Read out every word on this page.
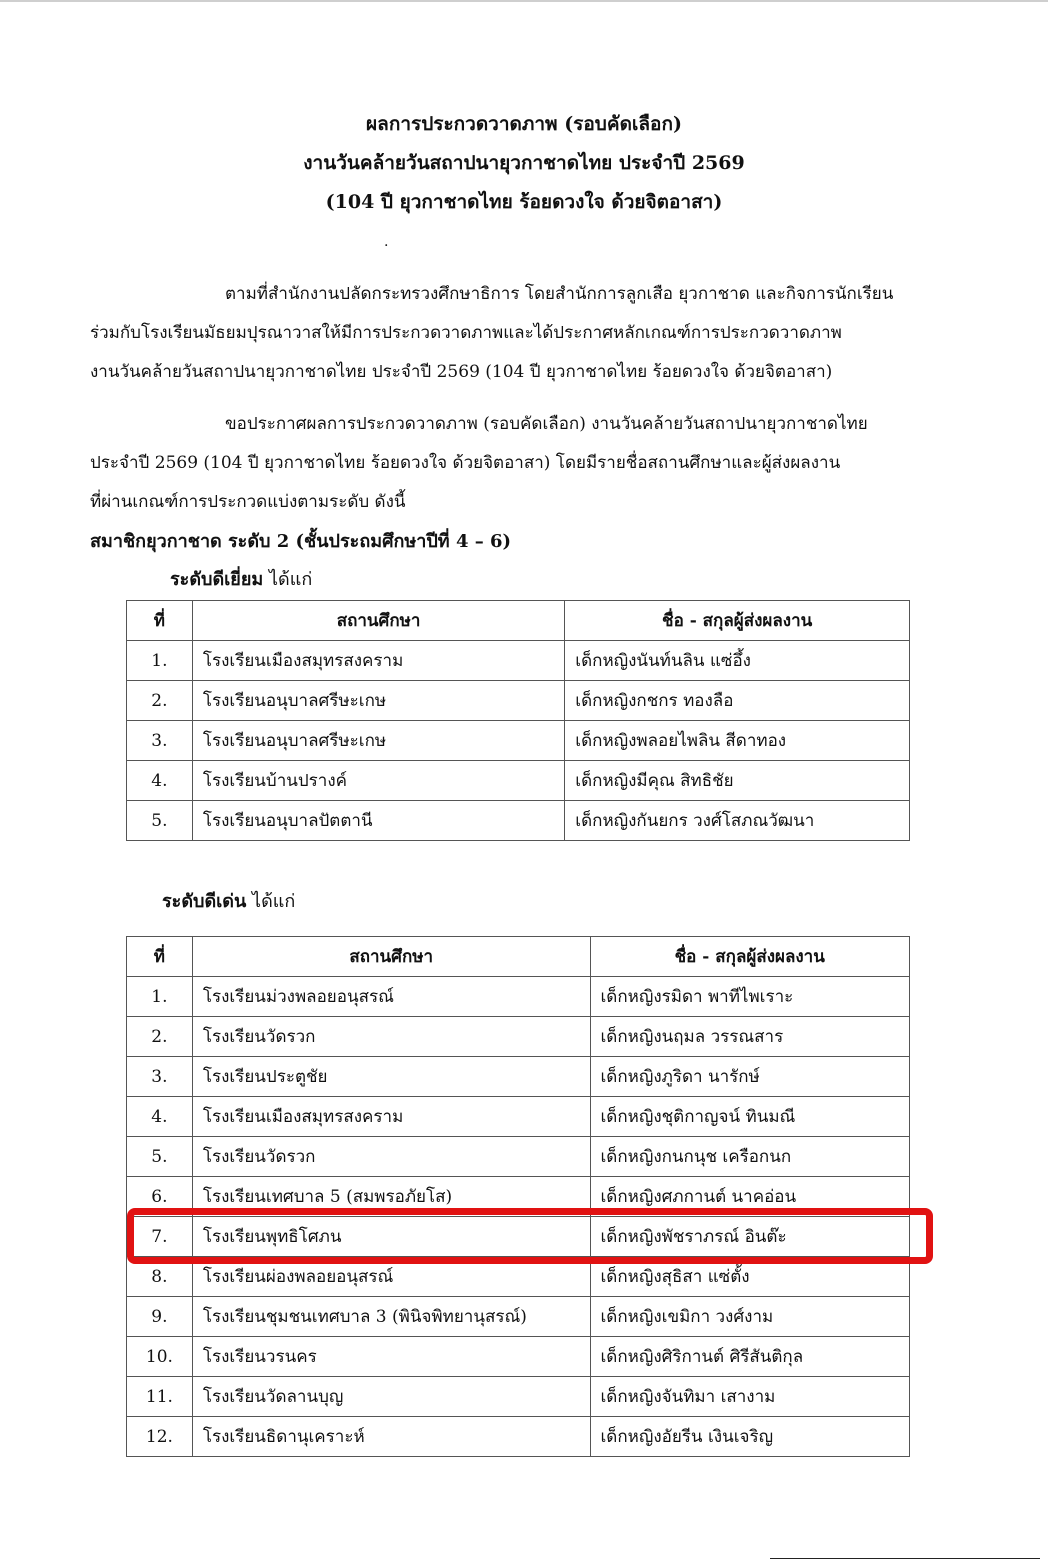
ผลการประกวดวาดภาพ (รอบคัดเลือก)
งานวันคล้ายวันสถาปนายุวกาชาดไทย ประจำปี 2569
(104 ปี ยุวกาชาดไทย ร้อยดวงใจ ด้วยจิตอาสา)
.

ตามที่สำนักงานปลัดกระทรวงศึกษาธิการ โดยสำนักการลูกเสือ ยุวกาชาด และกิจการนักเรียน

ร่วมกับโรงเรียนมัธยมปุรณาวาสให้มีการประกวดวาดภาพและได้ประกาศหลักเกณฑ์การประกวดวาดภาพ

งานวันคล้ายวันสถาปนายุวกาชาดไทย ประจำปี 2569 (104 ปี ยุวกาชาดไทย ร้อยดวงใจ ด้วยจิตอาสา)

ขอประกาศผลการประกวดวาดภาพ (รอบคัดเลือก) งานวันคล้ายวันสถาปนายุวกาชาดไทย

ประจำปี 2569 (104 ปี ยุวกาชาดไทย ร้อยดวงใจ ด้วยจิตอาสา) โดยมีรายชื่อสถานศึกษาและผู้ส่งผลงาน

ที่ผ่านเกณฑ์การประกวดแบ่งตามระดับ ดังนี้

สมาชิกยุวกาชาด ระดับ 2 (ชั้นประถมศึกษาปีที่ 4 – 6)
ระดับดีเยี่ยม ได้แก่
ที่	สถานศึกษา	ชื่อ - สกุลผู้ส่งผลงาน
1.	โรงเรียนเมืองสมุทรสงคราม	เด็กหญิงนันท์นลิน แซ่อึ้ง
2.	โรงเรียนอนุบาลศรีษะเกษ	เด็กหญิงกชกร ทองลือ
3.	โรงเรียนอนุบาลศรีษะเกษ	เด็กหญิงพลอยไพลิน สีดาทอง
4.	โรงเรียนบ้านปรางค์	เด็กหญิงมีคุณ สิทธิชัย
5.	โรงเรียนอนุบาลปัตตานี	เด็กหญิงกันยกร วงศ์โสภณวัฒนา
ระดับดีเด่น ได้แก่
ที่	สถานศึกษา	ชื่อ - สกุลผู้ส่งผลงาน
1.	โรงเรียนม่วงพลอยอนุสรณ์	เด็กหญิงรมิดา พาทีไพเราะ
2.	โรงเรียนวัดรวก	เด็กหญิงนฤมล วรรณสาร
3.	โรงเรียนประตูชัย	เด็กหญิงภูริดา นารักษ์
4.	โรงเรียนเมืองสมุทรสงคราม	เด็กหญิงชุติกาญจน์ ทินมณี
5.	โรงเรียนวัดรวก	เด็กหญิงกนกนุช เครือกนก
6.	โรงเรียนเทศบาล 5 (สมพรอภัยโส)	เด็กหญิงศภกานต์ นาคอ่อน
7.	โรงเรียนพุทธิโศภน	เด็กหญิงพัชราภรณ์ อินต๊ะ
8.	โรงเรียนผ่องพลอยอนุสรณ์	เด็กหญิงสุธิสา แซ่ตั้ง
9.	โรงเรียนชุมชนเทศบาล 3 (พินิจพิทยานุสรณ์)	เด็กหญิงเขมิกา วงศ์งาม
10.	โรงเรียนวรนคร	เด็กหญิงศิริกานต์ ศิรีสันติกุล
11.	โรงเรียนวัดลานบุญ	เด็กหญิงจันทิมา เสางาม
12.	โรงเรียนธิดานุเคราะห์	เด็กหญิงอัยรีน เงินเจริญ
